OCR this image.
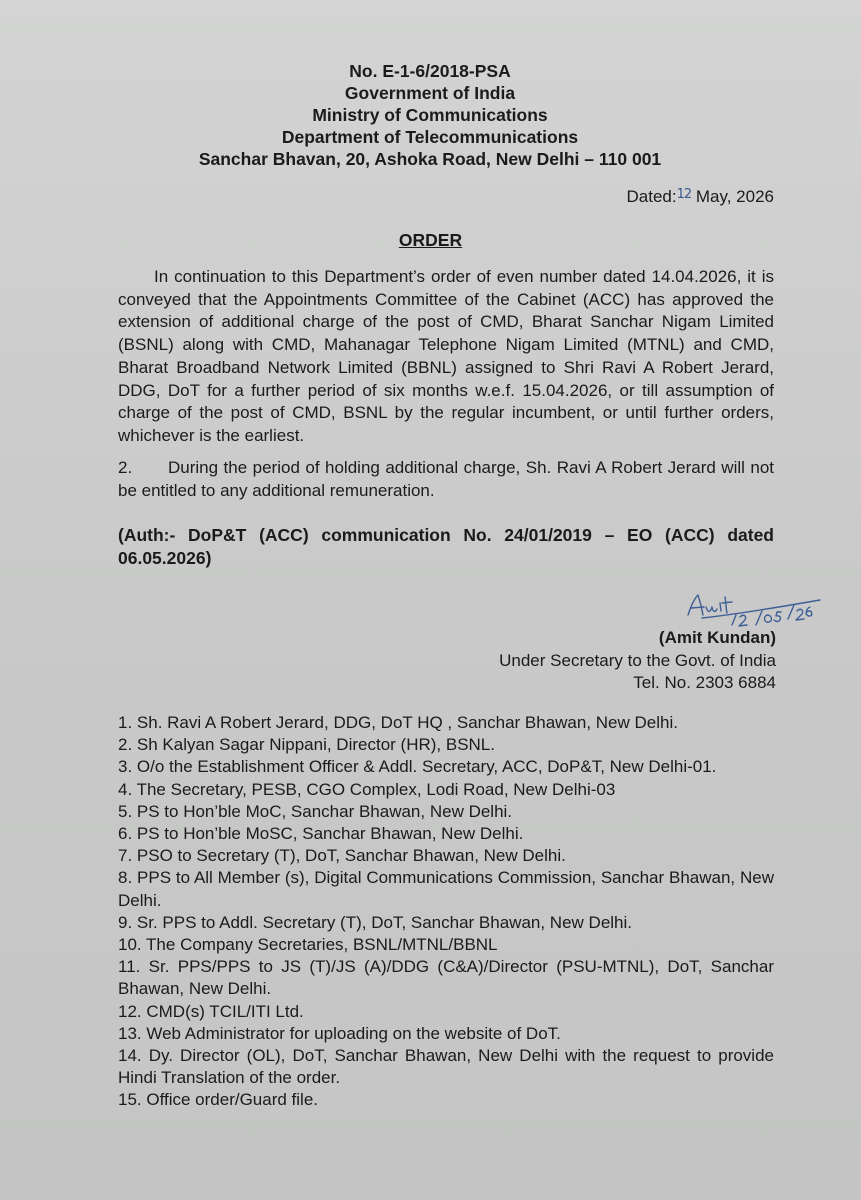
No. E-1-6/2018-PSA
Government of India
Ministry of Communications
Department of Telecommunications
Sanchar Bhavan, 20, Ashoka Road, New Delhi – 110 001
Dated:$^{12}$ May, 2026
ORDER
In continuation to this Department’s order of even number dated 14.04.2026, it is conveyed that the Appointments Committee of the Cabinet (ACC) has approved the extension of additional charge of the post of CMD, Bharat Sanchar Nigam Limited (BSNL) along with CMD, Mahanagar Telephone Nigam Limited (MTNL) and CMD, Bharat Broadband Network Limited (BBNL) assigned to Shri Ravi A Robert Jerard, DDG, DoT for a further period of six months w.e.f. 15.04.2026, or till assumption of charge of the post of CMD, BSNL by the regular incumbent, or until further orders, whichever is the earliest.
2. During the period of holding additional charge, Sh. Ravi A Robert Jerard will not be entitled to any additional remuneration.
(Auth:- DoP&T (ACC) communication No. 24/01/2019 – EO (ACC) dated 06.05.2026)
(Amit Kundan)
Under Secretary to the Govt. of India
Tel. No. 2303 6884
1. Sh. Ravi A Robert Jerard, DDG, DoT HQ , Sanchar Bhawan, New Delhi.
2. Sh Kalyan Sagar Nippani, Director (HR), BSNL.
3. O/o the Establishment Officer & Addl. Secretary, ACC, DoP&T, New Delhi-01.
4. The Secretary, PESB, CGO Complex, Lodi Road, New Delhi-03
5. PS to Hon’ble MoC, Sanchar Bhawan, New Delhi.
6. PS to Hon’ble MoSC, Sanchar Bhawan, New Delhi.
7. PSO to Secretary (T), DoT, Sanchar Bhawan, New Delhi.
8. PPS to All Member (s), Digital Communications Commission, Sanchar Bhawan, New Delhi.
9. Sr. PPS to Addl. Secretary (T), DoT, Sanchar Bhawan, New Delhi.
10. The Company Secretaries, BSNL/MTNL/BBNL
11. Sr. PPS/PPS to JS (T)/JS (A)/DDG (C&A)/Director (PSU-MTNL), DoT, Sanchar Bhawan, New Delhi.
12. CMD(s) TCIL/ITI Ltd.
13. Web Administrator for uploading on the website of DoT.
14. Dy. Director (OL), DoT, Sanchar Bhawan, New Delhi with the request to provide Hindi Translation of the order.
15. Office order/Guard file.
